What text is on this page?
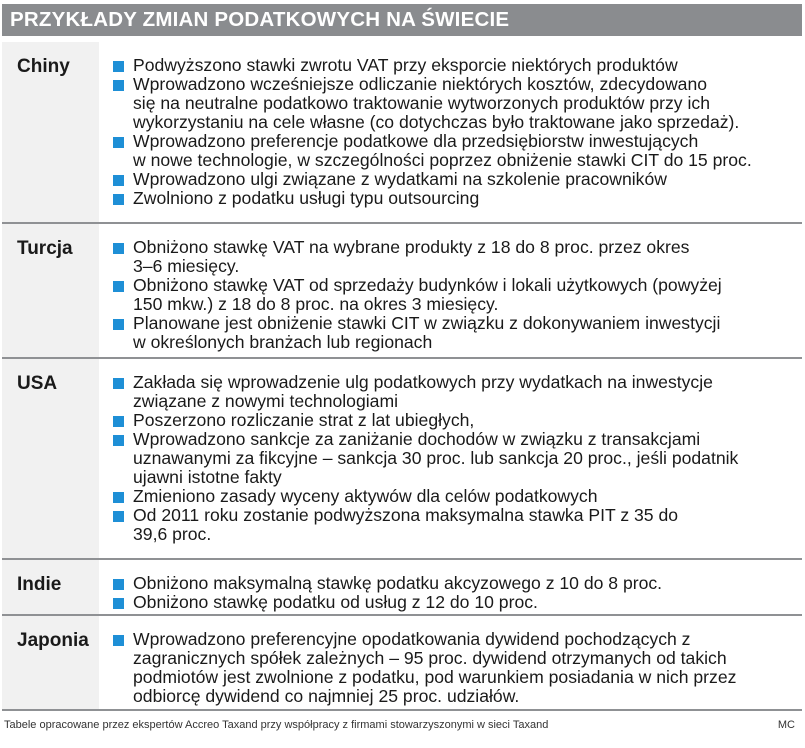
PRZYKŁADY ZMIAN PODATKOWYCH NA ŚWIECIE
Chiny	Podwyższono stawki zwrotu VAT przy eksporcie niektórych produktów
Wprowadzono wcześniejsze odliczanie niektórych kosztów, zdecydowano
się na neutralne podatkowo traktowanie wytworzonych produktów przy ich
wykorzystaniu na cele własne (co dotychczas było traktowane jako sprzedaż).
Wprowadzono preferencje podatkowe dla przedsiębiorstw inwestujących
w nowe technologie, w szczególności poprzez obniżenie stawki CIT do 15 proc.
Wprowadzono ulgi związane z wydatkami na szkolenie pracowników
Zwolniono z podatku usługi typu outsourcing
Turcja	Obniżono stawkę VAT na wybrane produkty z 18 do 8 proc. przez okres
3–6 miesięcy.
Obniżono stawkę VAT od sprzedaży budynków i lokali użytkowych (powyżej
150 mkw.) z 18 do 8 proc. na okres 3 miesięcy.
Planowane jest obniżenie stawki CIT w związku z dokonywaniem inwestycji
w określonych branżach lub regionach
USA	Zakłada się wprowadzenie ulg podatkowych przy wydatkach na inwestycje
związane z nowymi technologiami
Poszerzono rozliczanie strat z lat ubiegłych,
Wprowadzono sankcje za zaniżanie dochodów w związku z transakcjami
uznawanymi za fikcyjne – sankcja 30 proc. lub sankcja 20 proc., jeśli podatnik
ujawni istotne fakty
Zmieniono zasady wyceny aktywów dla celów podatkowych
Od 2011 roku zostanie podwyższona maksymalna stawka PIT z 35 do
39,6 proc.
Indie	Obniżono maksymalną stawkę podatku akcyzowego z 10 do 8 proc.
Obniżono stawkę podatku od usług z 12 do 10 proc.
Japonia	Wprowadzono preferencyjne opodatkowania dywidend pochodzących z
zagranicznych spółek zależnych – 95 proc. dywidend otrzymanych od takich
podmiotów jest zwolnione z podatku, pod warunkiem posiadania w nich przez
odbiorcę dywidend co najmniej 25 proc. udziałów.
Tabele opracowane przez ekspertów Accreo Taxand przy współpracy z firmami stowarzyszonymi w sieci Taxand	MC
